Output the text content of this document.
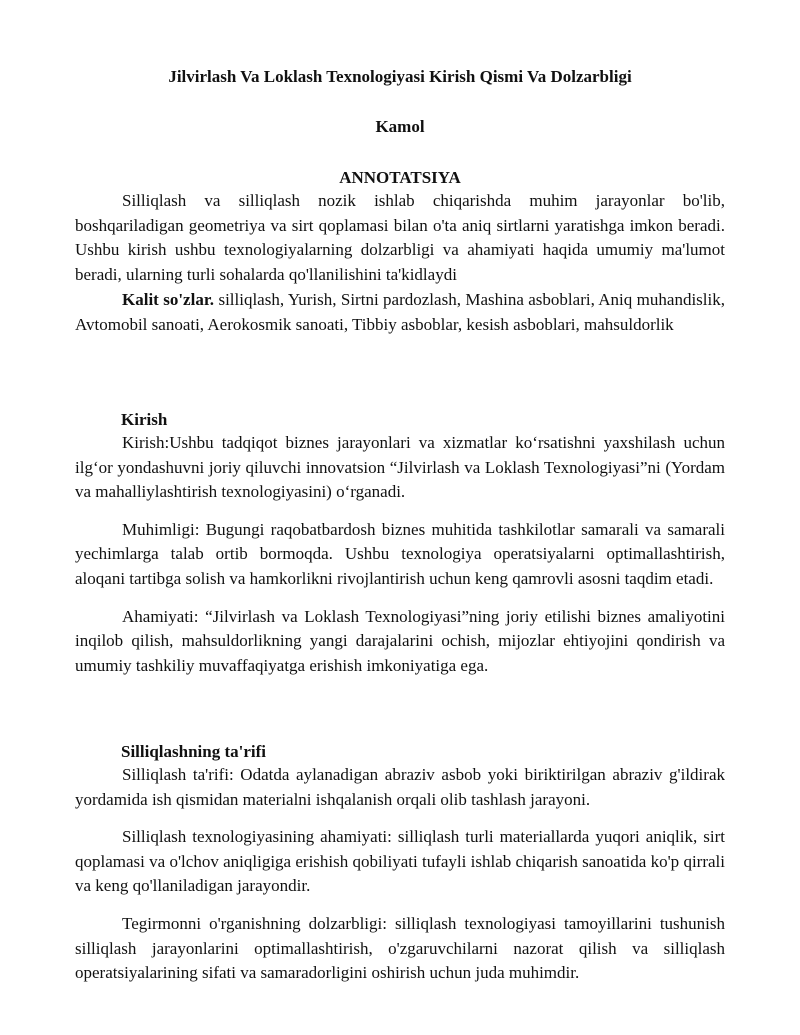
Jilvirlash Va Loklash Texnologiyasi Kirish Qismi Va Dolzarbligi
Kamol
ANNOTATSIYA

Silliqlash va silliqlash nozik ishlab chiqarishda muhim jarayonlar bo'lib, boshqariladigan geometriya va sirt qoplamasi bilan o'ta aniq sirtlarni yaratishga imkon beradi. Ushbu kirish ushbu texnologiyalarning dolzarbligi va ahamiyati haqida umumiy ma'lumot beradi, ularning turli sohalarda qo'llanilishini ta'kidlaydi

Kalit so'zlar. silliqlash, Yurish, Sirtni pardozlash, Mashina asboblari, Aniq muhandislik, Avtomobil sanoati, Aerokosmik sanoati, Tibbiy asboblar, kesish asboblari, mahsuldorlik

Kirish

Kirish:Ushbu tadqiqot biznes jarayonlari va xizmatlar koʻrsatishni yaxshilash uchun ilgʻor yondashuvni joriy qiluvchi innovatsion “Jilvirlash va Loklash Texnologiyasi”ni (Yordam va mahalliylashtirish texnologiyasini) oʻrganadi.

Muhimligi: Bugungi raqobatbardosh biznes muhitida tashkilotlar samarali va samarali yechimlarga talab ortib bormoqda. Ushbu texnologiya operatsiyalarni optimallashtirish, aloqani tartibga solish va hamkorlikni rivojlantirish uchun keng qamrovli asosni taqdim etadi.

Ahamiyati: “Jilvirlash va Loklash Texnologiyasi”ning joriy etilishi biznes amaliyotini inqilob qilish, mahsuldorlikning yangi darajalarini ochish, mijozlar ehtiyojini qondirish va umumiy tashkiliy muvaffaqiyatga erishish imkoniyatiga ega.

Silliqlashning ta'rifi

Silliqlash ta'rifi: Odatda aylanadigan abraziv asbob yoki biriktirilgan abraziv g'ildirak yordamida ish qismidan materialni ishqalanish orqali olib tashlash jarayoni.

Silliqlash texnologiyasining ahamiyati: silliqlash turli materiallarda yuqori aniqlik, sirt qoplamasi va o'lchov aniqligiga erishish qobiliyati tufayli ishlab chiqarish sanoatida ko'p qirrali va keng qo'llaniladigan jarayondir.

Tegirmonni o'rganishning dolzarbligi: silliqlash texnologiyasi tamoyillarini tushunish silliqlash jarayonlarini optimallashtirish, o'zgaruvchilarni nazorat qilish va silliqlash operatsiyalarining sifati va samaradorligini oshirish uchun juda muhimdir.
